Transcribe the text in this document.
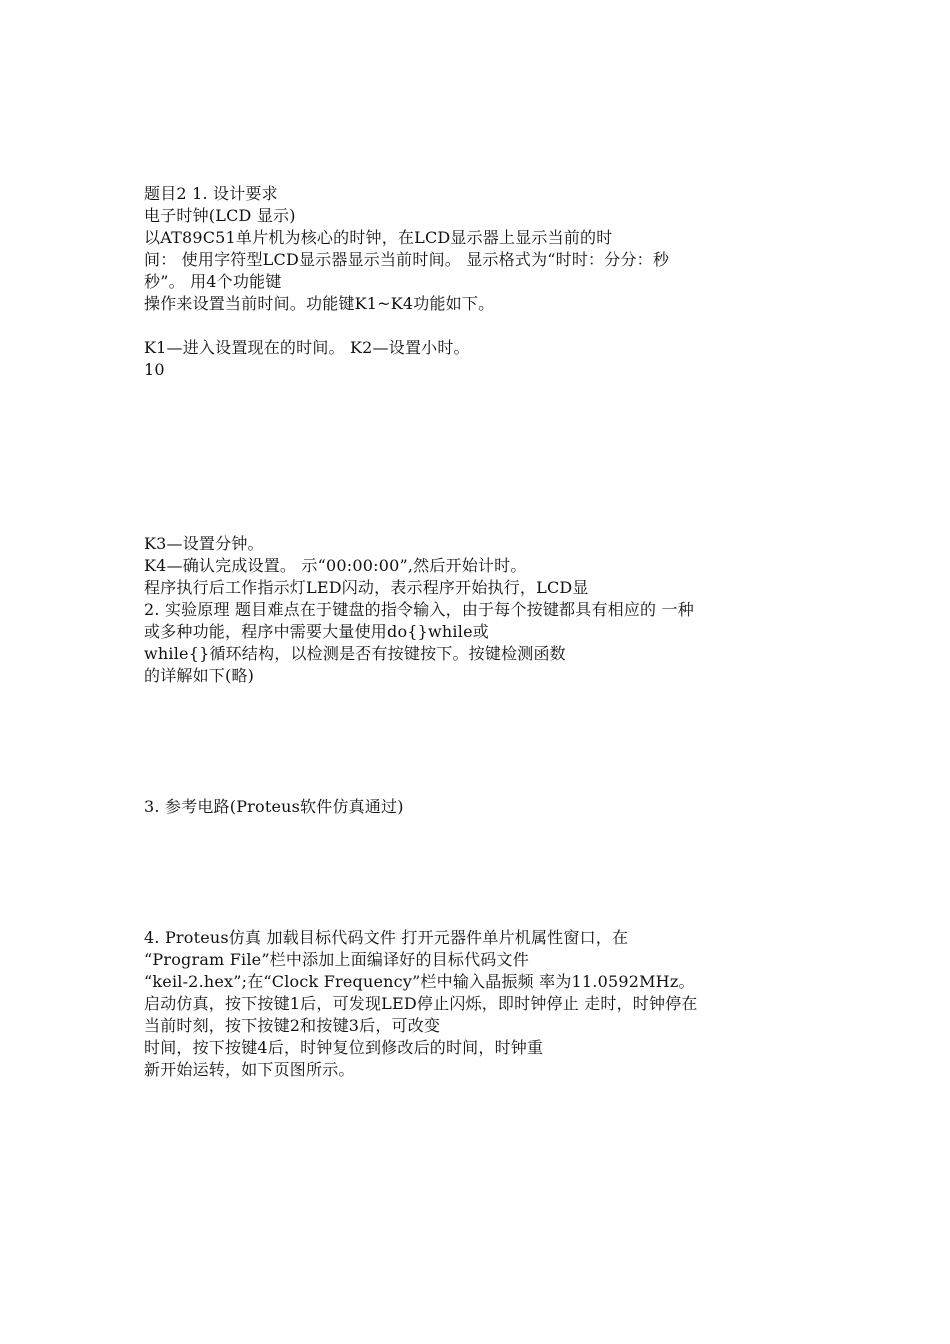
题目2 1. 设计要求
电子时钟(LCD 显示)
以AT89C51单片机为核心的时钟，在LCD显示器上显示当前的时
间： 使用字符型LCD显示器显示当前时间。 显示格式为“时时：分分：秒
秒”。 用4个功能键
操作来设置当前时间。功能键K1~K4功能如下。
K1—进入设置现在的时间。 K2—设置小时。
10
K3—设置分钟。
K4—确认完成设置。 示“00:00:00”,然后开始计时。
程序执行后工作指示灯LED闪动，表示程序开始执行，LCD显
2. 实验原理 题目难点在于键盘的指令输入，由于每个按键都具有相应的 一种
或多种功能，程序中需要大量使用do{}while或
while{}循环结构，以检测是否有按键按下。按键检测函数
的详解如下(略)
3. 参考电路(Proteus软件仿真通过)
4. Proteus仿真 加载目标代码文件 打开元器件单片机属性窗口，在
“Program File”栏中添加上面编译好的目标代码文件
“keil-2.hex”;在“Clock Frequency”栏中输入晶振频 率为11.0592MHz。
启动仿真，按下按键1后，可发现LED停止闪烁，即时钟停止 走时，时钟停在
当前时刻，按下按键2和按键3后，可改变
时间，按下按键4后，时钟复位到修改后的时间，时钟重
新开始运转，如下页图所示。
